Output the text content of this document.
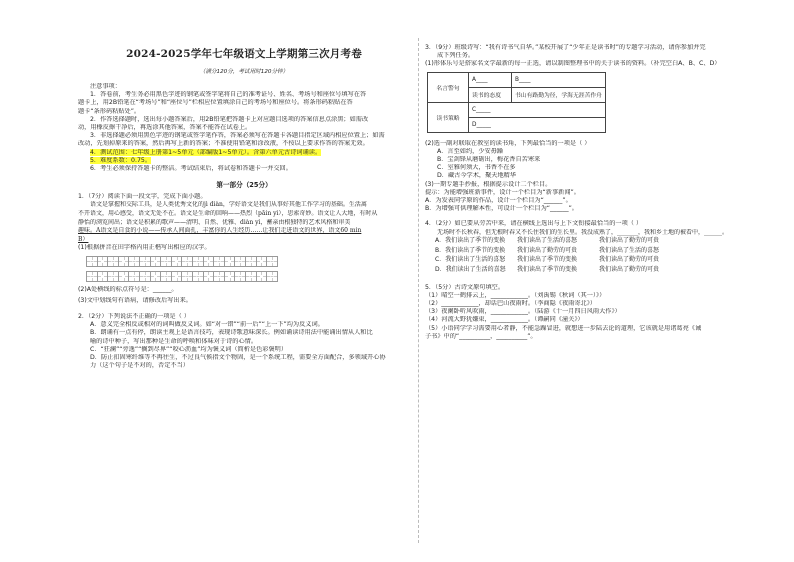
2024-2025学年七年级语文上学期第三次月考卷
（满分120分，考试用时120分钟）
注意事项：
1．答卷前，考生务必用黑色字迹的钢笔或签字笔将自己的准考证号、姓名、考场号和座位号填写在答
题卡上，用2B铅笔在“考场号”和“座位号”栏相应位置填涂自己的考场号和座位号。将条形码粘贴在答
题卡“条形码粘贴处”。
2．作答选择题时，选出每小题答案后，用2B铅笔把答题卡上对应题目选项的答案信息点涂黑；如需改
动，用橡皮擦干净后，再选涂其他答案，答案不能答在试卷上。
3．非选择题必须用黑色字迹的钢笔或签字笔作答，答案必须写在答题卡各题目指定区域内相应位置上；如需
改动，先划掉原来的答案，然后再写上新的答案；不准使用铅笔和涂改液，不按以上要求作答的答案无效。
4．测试范围：七年级上册第1~5单元（部编版1~5单元）。含第六单元古诗词诵读。
5．难度系数：0.75。
6．考生必须保持答题卡的整洁。考试结束后，将试卷和答题卡一并交回。
第一部分（25分）
1．（7分）阅读下面一段文字，完成下面小题。
语文是掌握和交际工具，是人类优秀文化的jì dìàn，学好语文是我们从事好其他工作学习的基础。生活离
不开语文，用心感受，语文无处不在。语文是生命的回响——热烈（pāin yì），思索奇妙。语文让人大地，有时从
静怡的浏览间出；语文是积累的歌声——清明、自然、优雅、diàn yì，蓄亲由根独特的艺术风格和审美
趣味。A语文是自食的小说——传承人间面孔，丰富你的人生经历……让我们走进语文的世界，语文60 min
B）
(1)根据拼音在田字格内用正楷写出相应的汉字。
(2)A处横线的标点符号是：______。
(3)文中划线句有语病，请修改后写出来。
2．（2分）下列说法不正确的一项是（ ）
A．意义完全相反或相对的词叫做反义词。如“对一错”“前一后”“上一下”均为反义词。
B．朗诵有一点有停，朗读主观上是语言技巧，表现诗歌意味深长。例如诵读诗用法中能诵出情从人和比
喻的诗中种子，写出那种是生命的呼唤和体味对于诗的心情。
C．“狂澜”“旁逸”“搁到尽界”“咬心沥血”均为褒义词（简析是色彩褒明）
D．防止扣固寒纤维等不再往生，不过良气候指文个物固，是一个系统工程，需要全方面配合，多领域开心协
力（这个句子是不对的，否定不当）
3．（9分）班级诗写：“我有诗书气自华。”某校开展了“少年正是读书时”的专题学习活动，请你参加并完
成下列任务。
(1)形体乐号是搭家名文学最新的每一正选，请以制图整理书中的关于读书的资料。（补完空白A、B、C、D）
名言警句	A____	B____
	读书的态度	书山有路勤为径，学海无涯苦作舟
读书策略	C_____	
	D_____	
(2)选一副对联取在教室的读书角，下列最恰当的一项是（ ）
A．言至如约，少安毋躁
B．宝剑锋从磨砺出，梅花香自苦寒来
C．室雅何须大，书香不在多
D．藏古今学术，聚天地精华
(3)一期专题手抄报，根据提示设计二个栏目。
提示：为能增强班新事件，设计一个栏目为“新事新闻”。
A．为发表同学原的作品，设计一个栏目为“______”。
B．为增强可供理解本性，可设计一个栏目为“______”。
4．（2分）如已要从劳苦中来，请在横线上选出与上下文衔接最恰当的一项（ ）
无场时不长秋春，但无根时春又不长住我们的生长里。我没成熟了，_______，我和乡土地的被看中，______。
A．我们读出了季节的变换	我们读出了生活的喜怒	我们读出了勤劳的可贵
B．我们读出了季节的变换	我们读出了勤劳的可贵	我们读出了生活的喜怒
C．我们读出了生活的喜怒	我们读出了季节的变换	我们读出了勤劳的可贵
D．我们读出了生活的喜怒	我们读出了季节的变换	我们读出了勤劳的可贵
5．（5分）古诗文原句填空。
（1）晴空一鹤排云上，____________。（刘禹锡《秋词（其一）》）
（2）____________，却话巴山夜雨时。（李商隐《夜雨寄北》）
（3）夜阑卧听风吹雨，____________。（陆游《十一月四日风雨大作》）
（4）河流大野犹嫌束，____________。（谭嗣同《潼关》）
（5）小语同学学习需要用心者静，不能急躁冒进，就想进一步陆去论的道理，它该就是用诸葛亮《诫
子书》中的“__________，__________”。
